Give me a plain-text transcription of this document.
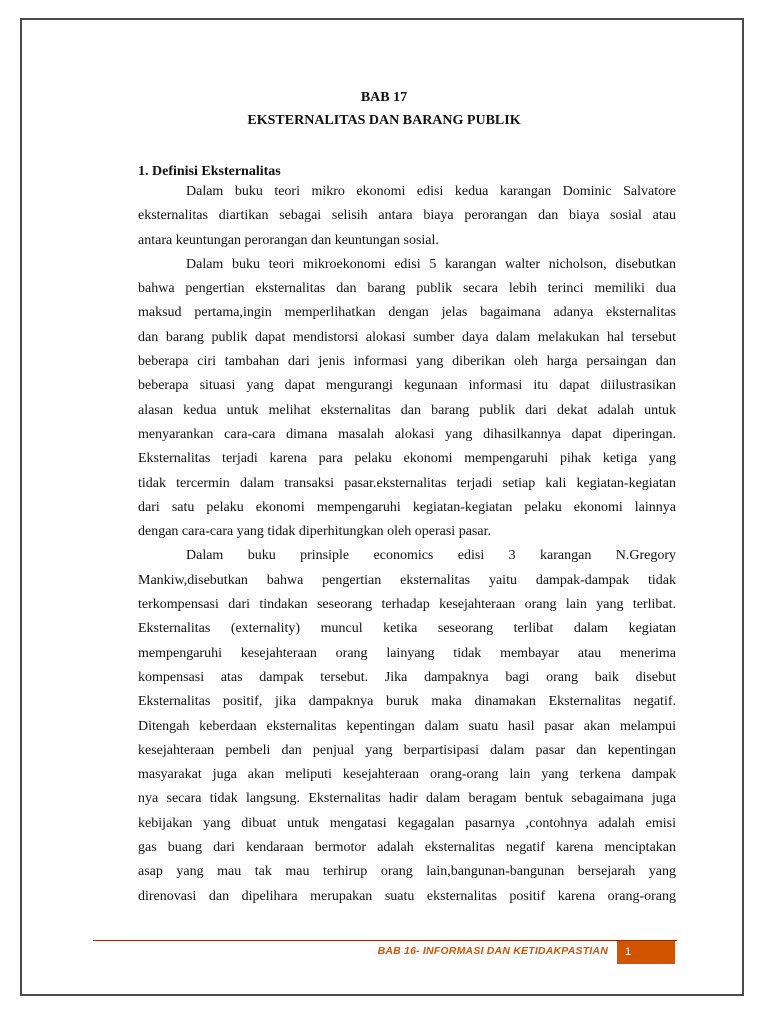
BAB 17
EKSTERNALITAS DAN BARANG PUBLIK
1. Definisi Eksternalitas
Dalam buku teori mikro ekonomi edisi kedua karangan Dominic Salvatore
eksternalitas diartikan sebagai selisih antara biaya perorangan dan biaya sosial atau
antara keuntungan perorangan dan keuntungan sosial.
Dalam buku teori mikroekonomi edisi 5 karangan walter nicholson, disebutkan
bahwa pengertian eksternalitas dan barang publik secara lebih terinci memiliki dua
maksud pertama,ingin memperlihatkan dengan jelas bagaimana adanya eksternalitas
dan barang publik dapat mendistorsi alokasi sumber daya dalam melakukan hal tersebut
beberapa ciri tambahan dari jenis informasi yang diberikan oleh harga persaingan dan
beberapa situasi yang dapat mengurangi kegunaan informasi itu dapat diilustrasikan
alasan kedua untuk melihat eksternalitas dan barang publik dari dekat adalah untuk
menyarankan cara-cara dimana masalah alokasi yang dihasilkannya dapat diperingan.
Eksternalitas terjadi karena para pelaku ekonomi mempengaruhi pihak ketiga yang
tidak tercermin dalam transaksi pasar.eksternalitas terjadi setiap kali kegiatan-kegiatan
dari satu pelaku ekonomi mempengaruhi kegiatan-kegiatan pelaku ekonomi lainnya
dengan cara-cara yang tidak diperhitungkan oleh operasi pasar.
Dalam buku prinsiple economics edisi 3 karangan N.Gregory
Mankiw,disebutkan bahwa pengertian eksternalitas yaitu dampak-dampak tidak
terkompensasi dari tindakan seseorang terhadap kesejahteraan orang lain yang terlibat.
Eksternalitas (externality) muncul ketika seseorang terlibat dalam kegiatan
mempengaruhi kesejahteraan orang lainyang tidak membayar atau menerima
kompensasi atas dampak tersebut. Jika dampaknya bagi orang baik disebut
Eksternalitas positif, jika dampaknya buruk maka dinamakan Eksternalitas negatif.
Ditengah keberdaan eksternalitas kepentingan dalam suatu hasil pasar akan melampui
kesejahteraan pembeli dan penjual yang berpartisipasi dalam pasar dan kepentingan
masyarakat juga akan meliputi kesejahteraan orang-orang lain yang terkena dampak
nya secara tidak langsung. Eksternalitas hadir dalam beragam bentuk sebagaimana juga
kebijakan yang dibuat untuk mengatasi kegagalan pasarnya ,contohnya adalah emisi
gas buang dari kendaraan bermotor adalah eksternalitas negatif karena menciptakan
asap yang mau tak mau terhirup orang lain,bangunan-bangunan bersejarah yang
direnovasi dan dipelihara merupakan suatu eksternalitas positif karena orang-orang
BAB 16- INFORMASI DAN KETIDAKPASTIAN	1
